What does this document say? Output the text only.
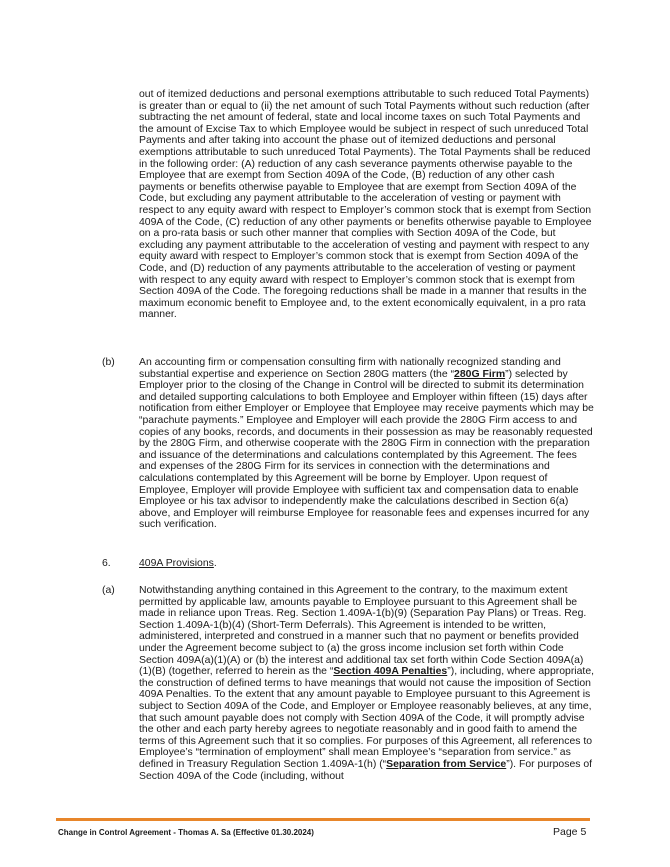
out of itemized deductions and personal exemptions attributable to such reduced Total Payments) is greater than or equal to (ii) the net amount of such Total Payments without such reduction (after subtracting the net amount of federal, state and local income taxes on such Total Payments and the amount of Excise Tax to which Employee would be subject in respect of such unreduced Total Payments and after taking into account the phase out of itemized deductions and personal exemptions attributable to such unreduced Total Payments). The Total Payments shall be reduced in the following order: (A) reduction of any cash severance payments otherwise payable to the Employee that are exempt from Section 409A of the Code, (B) reduction of any other cash payments or benefits otherwise payable to Employee that are exempt from Section 409A of the Code, but excluding any payment attributable to the acceleration of vesting or payment with respect to any equity award with respect to Employer’s common stock that is exempt from Section 409A of the Code, (C) reduction of any other payments or benefits otherwise payable to Employee on a pro-rata basis or such other manner that complies with Section 409A of the Code, but excluding any payment attributable to the acceleration of vesting and payment with respect to any equity award with respect to Employer’s common stock that is exempt from Section 409A of the Code, and (D) reduction of any payments attributable to the acceleration of vesting or payment with respect to any equity award with respect to Employer’s common stock that is exempt from Section 409A of the Code. The foregoing reductions shall be made in a manner that results in the maximum economic benefit to Employee and, to the extent economically equivalent, in a pro rata manner.

(b) An accounting firm or compensation consulting firm with nationally recognized standing and substantial expertise and experience on Section 280G matters (the “280G Firm”) selected by Employer prior to the closing of the Change in Control will be directed to submit its determination and detailed supporting calculations to both Employee and Employer within fifteen (15) days after notification from either Employer or Employee that Employee may receive payments which may be “parachute payments.” Employee and Employer will each provide the 280G Firm access to and copies of any books, records, and documents in their possession as may be reasonably requested by the 280G Firm, and otherwise cooperate with the 280G Firm in connection with the preparation and issuance of the determinations and calculations contemplated by this Agreement. The fees and expenses of the 280G Firm for its services in connection with the determinations and calculations contemplated by this Agreement will be borne by Employer. Upon request of Employee, Employer will provide Employee with sufficient tax and compensation data to enable Employee or his tax advisor to independently make the calculations described in Section 6(a) above, and Employer will reimburse Employee for reasonable fees and expenses incurred for any such verification.

6.	409A Provisions.
(a) Notwithstanding anything contained in this Agreement to the contrary, to the maximum extent permitted by applicable law, amounts payable to Employee pursuant to this Agreement shall be made in reliance upon Treas. Reg. Section 1.409A-1(b)(9) (Separation Pay Plans) or Treas. Reg. Section 1.409A-1(b)(4) (Short-Term Deferrals). This Agreement is intended to be written, administered, interpreted and construed in a manner such that no payment or benefits provided under the Agreement become subject to (a) the gross income inclusion set forth within Code Section 409A(a)(1)(A) or (b) the interest and additional tax set forth within Code Section 409A(a)(1)(B) (together, referred to herein as the “Section 409A Penalties”), including, where appropriate, the construction of defined terms to have meanings that would not cause the imposition of Section 409A Penalties. To the extent that any amount payable to Employee pursuant to this Agreement is subject to Section 409A of the Code, and Employer or Employee reasonably believes, at any time, that such amount payable does not comply with Section 409A of the Code, it will promptly advise the other and each party hereby agrees to negotiate reasonably and in good faith to amend the terms of this Agreement such that it so complies. For purposes of this Agreement, all references to Employee’s “termination of employment” shall mean Employee’s “separation from service.” as defined in Treasury Regulation Section 1.409A-1(h) (“Separation from Service”). For purposes of Section 409A of the Code (including, without

Change in Control Agreement - Thomas A. Sa (Effective 01.30.2024)	Page 5
